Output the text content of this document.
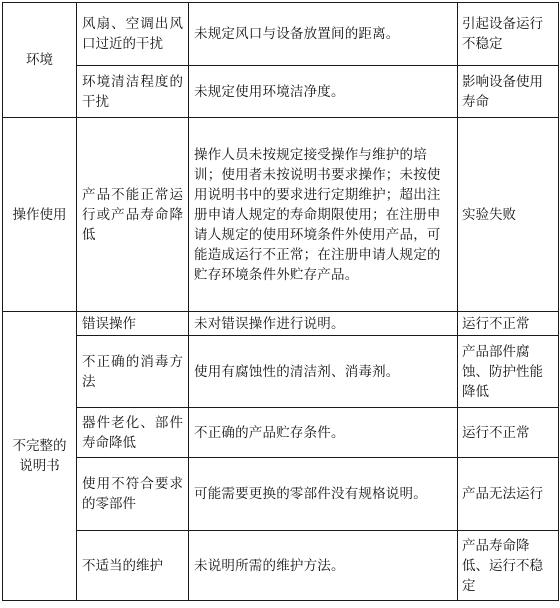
环境	风扇、空调出风口过近的干扰	未规定风口与设备放置间的距离。	引起设备运行不稳定
	环境清洁程度的干扰	未规定使用环境洁净度。	影响设备使用寿命
操作使用	产品不能正常运行或产品寿命降低	操作人员未按规定接受操作与维护的培训；使用者未按说明书要求操作；未按使用说明书中的要求进行定期维护；超出注册申请人规定的寿命期限使用；在注册申请人规定的使用环境条件外使用产品，可能造成运行不正常；在注册申请人规定的贮存环境条件外贮存产品。	实验失败
不完整的说明书	错误操作	未对错误操作进行说明。	运行不正常
	不正确的消毒方法	使用有腐蚀性的清洁剂、消毒剂。	产品部件腐蚀、防护性能降低
	器件老化、部件寿命降低	不正确的产品贮存条件。	运行不正常
	使用不符合要求的零部件	可能需要更换的零部件没有规格说明。	产品无法运行
	不适当的维护	未说明所需的维护方法。	产品寿命降低、运行不稳定
